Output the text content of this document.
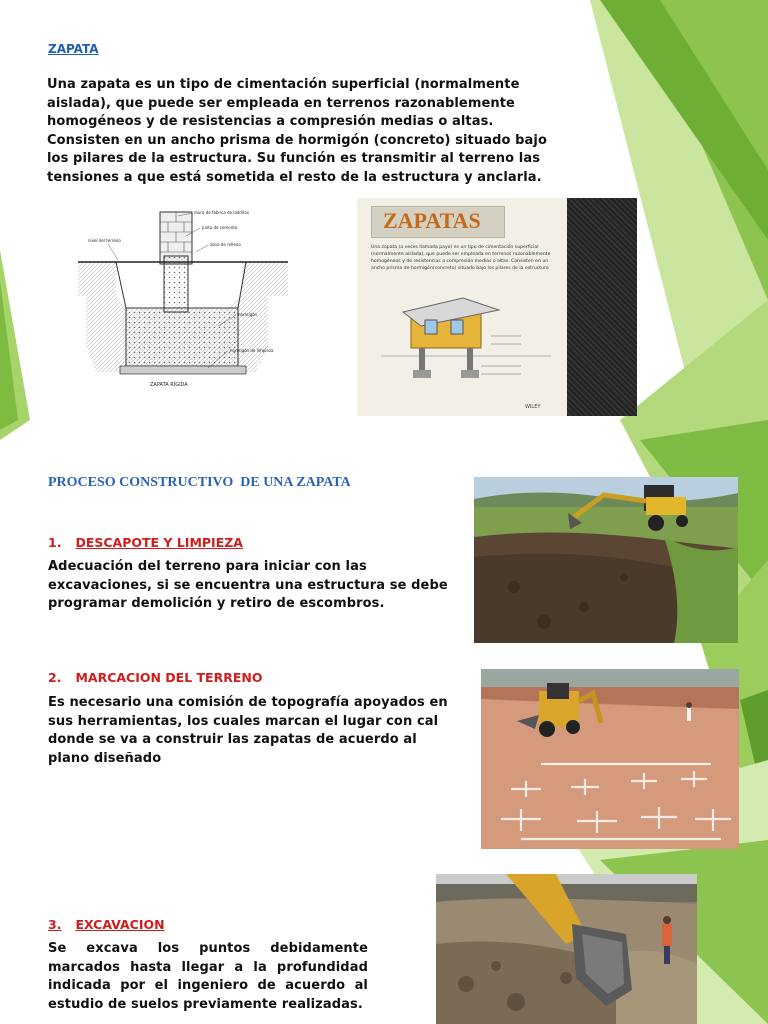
ZAPATA
Una zapata es un tipo de cimentación superficial (normalmente aislada), que puede ser empleada en terrenos razonablemente homogéneos y de resistencias a compresión medias o altas. Consisten en un ancho prisma de hormigón (concreto) situado bajo los pilares de la estructura. Su función es transmitir al terreno las tensiones a que está sometida el resto de la estructura y anclarla.
muro de fábrica de ladrillos
junta de cemento
nivel del terreno
zona de relleno
hormigón
hormigón de limpieza
ZAPATA RÍGIDA
ZAPATAS
Una zapata (a veces llamada payo) es un tipo de cimentación superficial (normalmente aislada), que puede ser empleada en terrenos razonablemente homogéneos y de resistencias a compresión medias o altas. Consisten en un ancho prisma de hormigón(concreto) situado bajo los pilares de la estructura
WILEY
PROCESO CONSTRUCTIVO  DE UNA ZAPATA
1. DESCAPOTE Y LIMPIEZA
Adecuación del terreno para iniciar con las excavaciones, si se encuentra una estructura se debe programar demolición y retiro de escombros.
2. MARCACION DEL TERRENO
Es necesario una comisión de topografía apoyados en sus herramientas, los cuales marcan el lugar con cal donde se va a construir las zapatas de acuerdo al plano diseñado
3. EXCAVACION
Se excava los puntos debidamente marcados hasta llegar a la profundidad indicada por el ingeniero de acuerdo al estudio de suelos previamente realizadas.
